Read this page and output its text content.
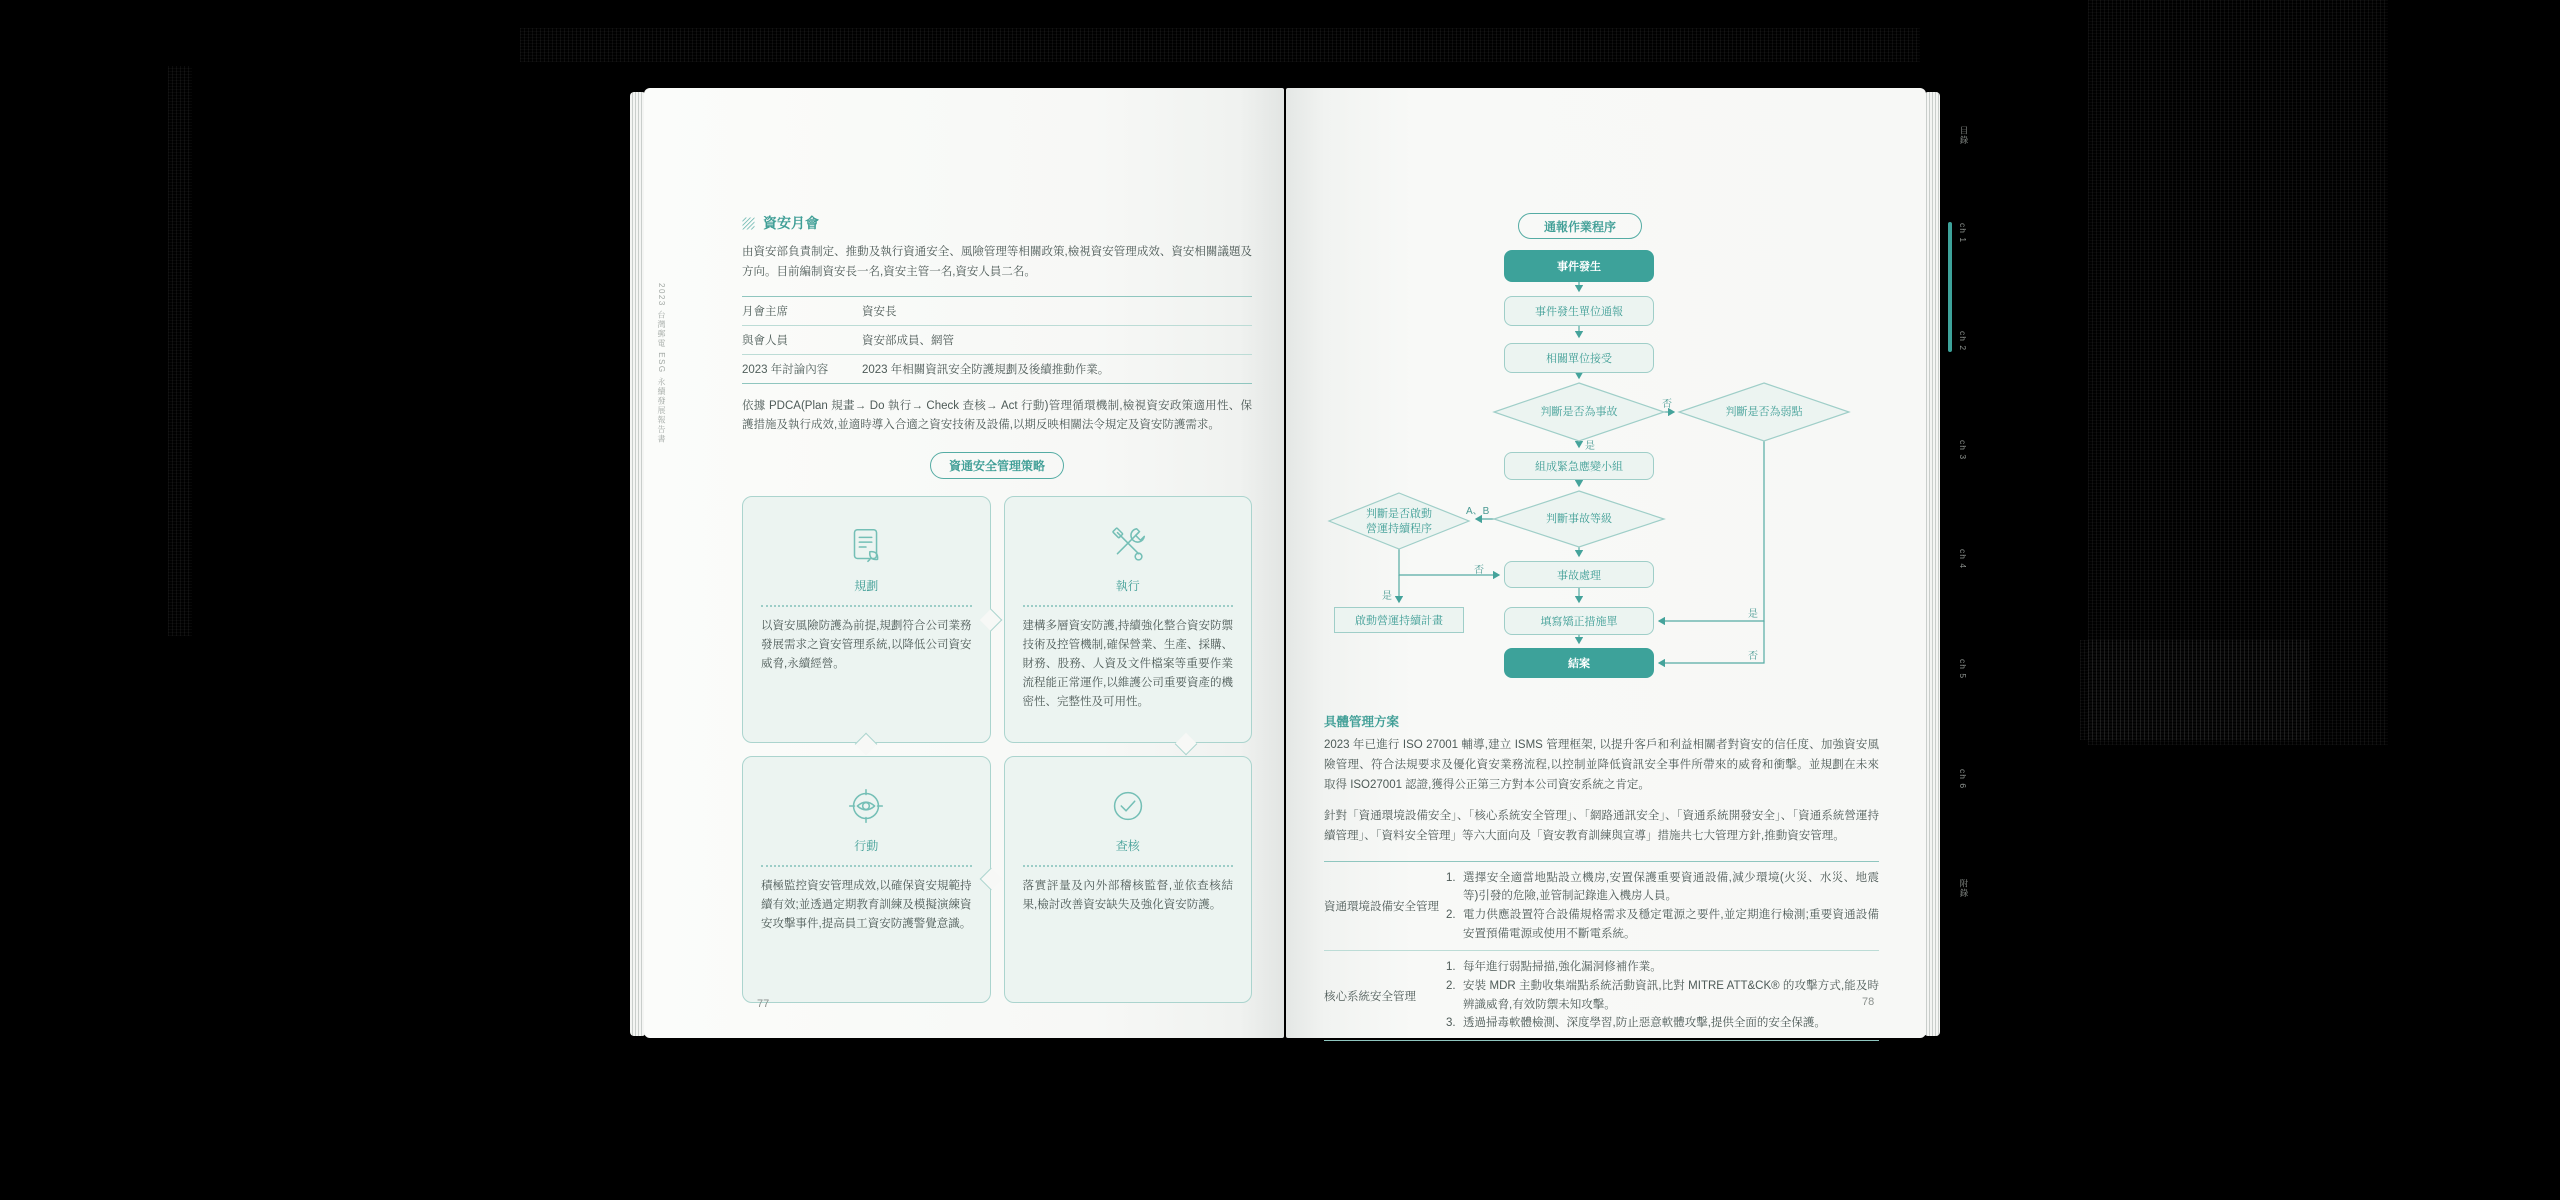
2023 台灣郵電 ESG 永續發展報告書
資安月會

由資安部負責制定、推動及執行資通安全、風險管理等相關政策,檢視資安管理成效、資安相關議題及方向。目前編制資安長一名,資安主管一名,資安人員二名。

月會主席	資安長
與會人員	資安部成員、網管
2023 年討論內容	2023 年相關資訊安全防護規劃及後續推動作業。

依據 PDCA(Plan 規畫→ Do 執行→ Check 查核→ Act 行動)管理循環機制,檢視資安政策適用性、保護措施及執行成效,並適時導入合適之資安技術及設備,以期反映相關法令規定及資安防護需求。

資通安全管理策略
規劃
以資安風險防護為前提,規劃符合公司業務發展需求之資安管理系統,以降低公司資安威脅,永續經營。
執行
建構多層資安防護,持續強化整合資安防禦技術及控管機制,確保營業、生產、採購、財務、股務、人資及文件檔案等重要作業流程能正常運作,以維護公司重要資產的機密性、完整性及可用性。
行動
積極監控資安管理成效,以確保資安規範持續有效;並透過定期教育訓練及模擬演練資安攻擊事件,提高員工資安防護警覺意識。
查核
落實評量及內外部稽核監督,並依查核結果,檢討改善資安缺失及強化資安防護。
77
通報作業程序
事件發生
事件發生單位通報
相關單位接受
判斷是否為事故	判斷是否為弱點
組成緊急應變小組
判斷事故等級
判斷是否啟動
營運持續程序
事故處理
啟動營運持續計畫	填寫矯正措施單
結案
是
否
A、B
否
是
是
否
具體管理方案

2023 年已進行 ISO 27001 輔導,建立 ISMS 管理框架, 以提升客戶和利益相關者對資安的信任度、加強資安風險管理、符合法規要求及優化資安業務流程,以控制並降低資訊安全事件所帶來的威脅和衝擊。並規劃在未來取得 ISO27001 認證,獲得公正第三方對本公司資安系統之肯定。

針對「資通環境設備安全」、「核心系統安全管理」、「網路通訊安全」、「資通系統開發安全」、「資通系統營運持續管理」、「資料安全管理」等六大面向及「資安教育訓練與宣導」措施共七大管理方針,推動資安管理。

資通環境設備安全管理	
選擇安全適當地點設立機房,安置保護重要資通設備,減少環境(火災、水災、地震等)引發的危險,並管制記錄進入機房人員。
電力供應設置符合設備規格需求及穩定電源之要件,並定期進行檢測;重要資通設備安置預備電源或使用不斷電系統。

核心系統安全管理	
每年進行弱點掃描,強化漏洞修補作業。
安裝 MDR 主動收集端點系統活動資訊,比對 MITRE ATT&CK® 的攻擊方式,能及時辨識威脅,有效防禦未知攻擊。
透過掃毒軟體檢測、深度學習,防止惡意軟體攻擊,提供全面的安全保護。
78
目錄
ch 1
ch 2
ch 3
ch 4
ch 5
ch 6
附錄
